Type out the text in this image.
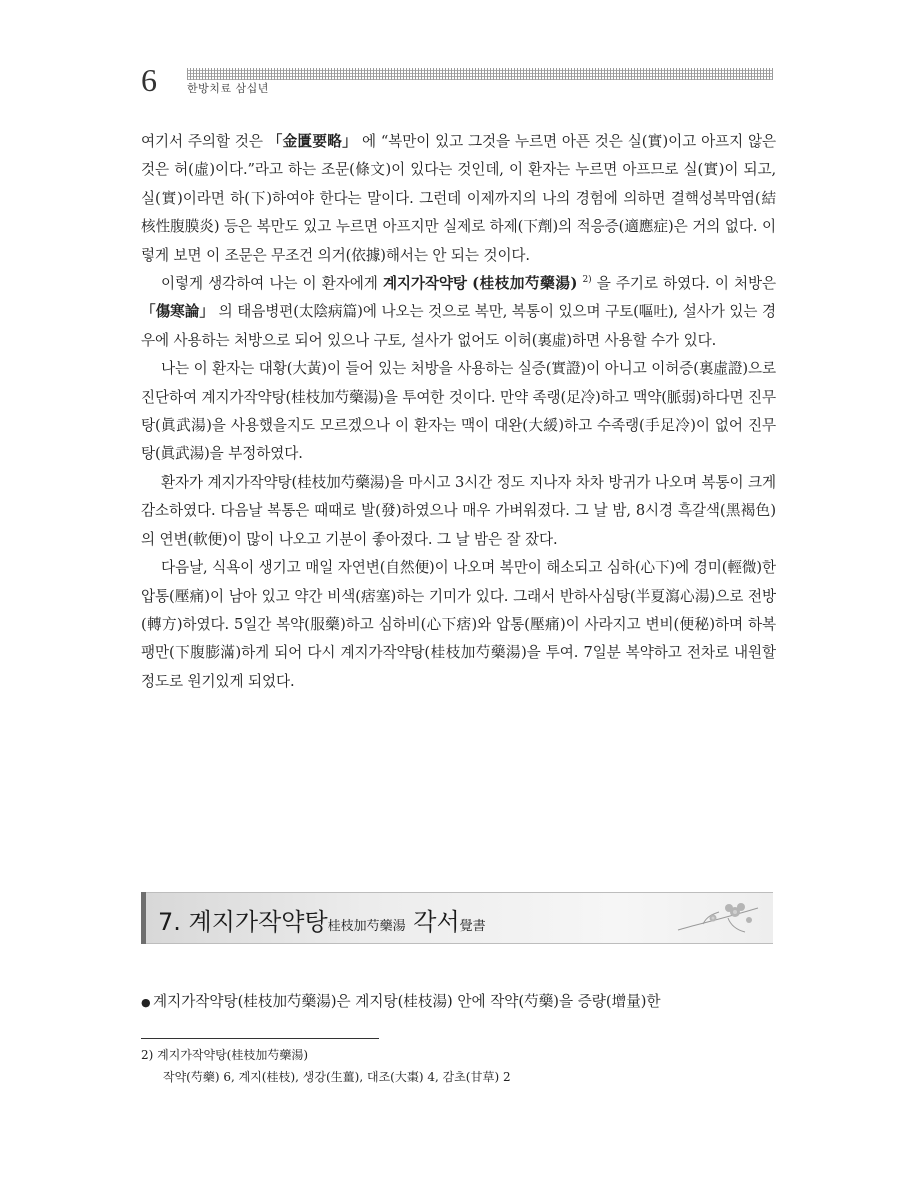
6	한방치료 삼십년

여기서 주의할 것은 「金匱要略」 에 “복만이 있고 그것을 누르면 아픈 것은 실(實)이고 아프지 않은 것은 허(虛)이다.”라고 하는 조문(條文)이 있다는 것인데, 이 환자는 누르면 아프므로 실(實)이 되고, 실(實)이라면 하(下)하여야 한다는 말이다. 그런데 이제까지의 나의 경험에 의하면 결핵성복막염(結核性腹膜炎) 등은 복만도 있고 누르면 아프지만 실제로 하제(下劑)의 적응증(適應症)은 거의 없다. 이렇게 보면 이 조문은 무조건 의거(依據)해서는 안 되는 것이다.

이렇게 생각하여 나는 이 환자에게 계지가작약탕 (桂枝加芍藥湯) $^{2)}$ 을 주기로 하였다. 이 처방은 「傷寒論」 의 태음병편(太陰病篇)에 나오는 것으로 복만, 복통이 있으며 구토(嘔吐), 설사가 있는 경우에 사용하는 처방으로 되어 있으나 구토, 설사가 없어도 이허(裏虛)하면 사용할 수가 있다.

나는 이 환자는 대황(大黃)이 들어 있는 처방을 사용하는 실증(實證)이 아니고 이허증(裏虛證)으로 진단하여 계지가작약탕(桂枝加芍藥湯)을 투여한 것이다. 만약 족랭(足冷)하고 맥약(脈弱)하다면 진무탕(眞武湯)을 사용했을지도 모르겠으나 이 환자는 맥이 대완(大緩)하고 수족랭(手足冷)이 없어 진무탕(眞武湯)을 부정하였다.

환자가 계지가작약탕(桂枝加芍藥湯)을 마시고 3시간 정도 지나자 차차 방귀가 나오며 복통이 크게 감소하였다. 다음날 복통은 때때로 발(發)하였으나 매우 가벼워졌다. 그 날 밤, 8시경 흑갈색(黑褐色)의 연변(軟便)이 많이 나오고 기분이 좋아졌다. 그 날 밤은 잘 잤다.

다음날, 식욕이 생기고 매일 자연변(自然便)이 나오며 복만이 해소되고 심하(心下)에 경미(輕微)한 압통(壓痛)이 남아 있고 약간 비색(痞塞)하는 기미가 있다. 그래서 반하사심탕(半夏瀉心湯)으로 전방(轉方)하였다. 5일간 복약(服藥)하고 심하비(心下痞)와 압통(壓痛)이 사라지고 변비(便秘)하며 하복팽만(下腹膨滿)하게 되어 다시 계지가작약탕(桂枝加芍藥湯)을 투여. 7일분 복약하고 전차로 내원할 정도로 원기있게 되었다.

7. 계지가작약탕桂枝加芍藥湯 각서覺書
● 계지가작약탕(桂枝加芍藥湯)은 계지탕(桂枝湯) 안에 작약(芍藥)을 증량(增量)한
2) 계지가작약탕(桂枝加芍藥湯)
작약(芍藥) 6, 계지(桂枝), 생강(生薑), 대조(大棗) 4, 감초(甘草) 2
